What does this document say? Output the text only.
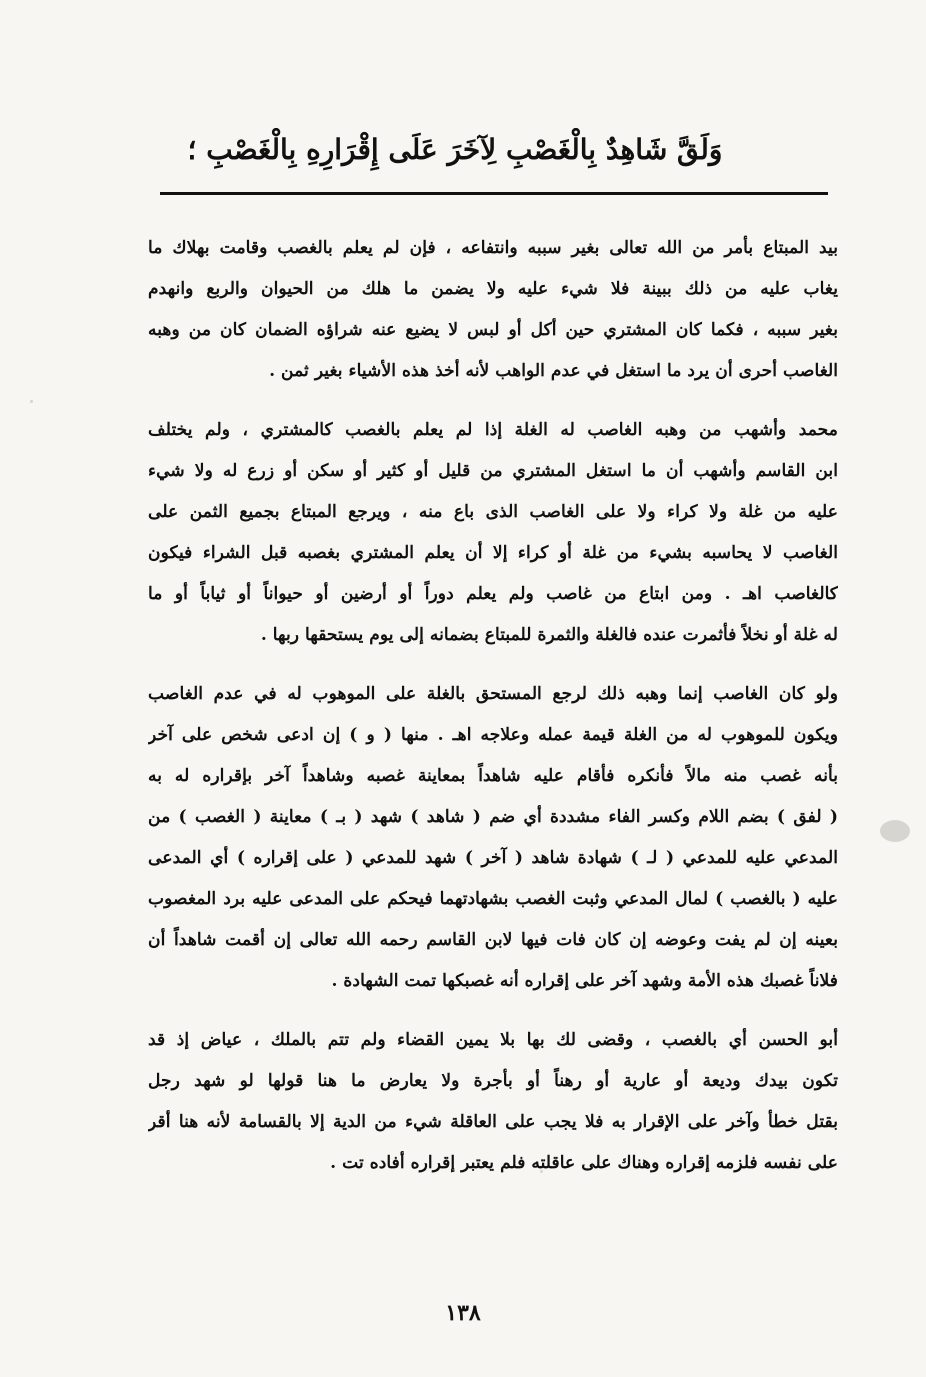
وَلَقَّ شَاهِدٌ بِالْغَصْبِ لِآخَرَ عَلَى إِقْرَارِهِ بِالْغَصْبِ ؛
بيد المبتاع بأمر من الله تعالى بغير سببه وانتفاعه ، فإن لم يعلم بالغصب وقامت بهلاك ما
يغاب عليه من ذلك ببينة فلا شيء عليه ولا يضمن ما هلك من الحيوان والربع وانهدم
بغير سببه ، فكما كان المشتري حين أكل أو لبس لا يضيع عنه شراؤه الضمان كان من وهبه
الغاصب أحرى أن يرد ما استغل في عدم الواهب لأنه أخذ هذه الأشياء بغير ثمن .
محمد وأشهب من وهبه الغاصب له الغلة إذا لم يعلم بالغصب كالمشتري ، ولم يختلف
ابن القاسم وأشهب أن ما استغل المشتري من قليل أو كثير أو سكن أو زرع له ولا شيء
عليه من غلة ولا كراء ولا على الغاصب الذى باع منه ، ويرجع المبتاع بجميع الثمن على
الغاصب لا يحاسبه بشيء من غلة أو كراء إلا أن يعلم المشتري بغصبه قبل الشراء فيكون
كالغاصب اهـ . ومن ابتاع من غاصب ولم يعلم دوراً أو أرضين أو حيواناً أو ثياباً أو ما
له غلة أو نخلاً فأثمرت عنده فالغلة والثمرة للمبتاع بضمانه إلى يوم يستحقها ربها .
ولو كان الغاصب إنما وهبه ذلك لرجع المستحق بالغلة على الموهوب له في عدم الغاصب
ويكون للموهوب له من الغلة قيمة عمله وعلاجه اهـ . منها ( و ) إن ادعى شخص على آخر
بأنه غصب منه مالاً فأنكره فأقام عليه شاهداً بمعاينة غصبه وشاهداً آخر بإقراره له به
( لفق ) بضم اللام وكسر الفاء مشددة أي ضم ( شاهد ) شهد ( بـ ) معاينة ( الغصب ) من
المدعي عليه للمدعي ( لـ ) شهادة شاهد ( آخر ) شهد للمدعي ( على إقراره ) أي المدعى
عليه ( بالغصب ) لمال المدعي وثبت الغصب بشهادتهما فيحكم على المدعى عليه برد المغصوب
بعينه إن لم يفت وعوضه إن كان فات فيها لابن القاسم رحمه الله تعالى إن أقمت شاهداً أن
فلاناً غصبك هذه الأمة وشهد آخر على إقراره أنه غصبكها تمت الشهادة .
أبو الحسن أي بالغصب ، وقضى لك بها بلا يمين القضاء ولم تتم بالملك ، عياض إذ قد
تكون بيدك وديعة أو عارية أو رهناً أو بأجرة ولا يعارض ما هنا قولها لو شهد رجل
بقتل خطأ وآخر على الإقرار به فلا يجب على العاقلة شيء من الدية إلا بالقسامة لأنه هنا أقر
على نفسه فلزمه إقراره وهناك على عاقلته فلم يعتبر إقراره أفاده تت .
١٣٨
